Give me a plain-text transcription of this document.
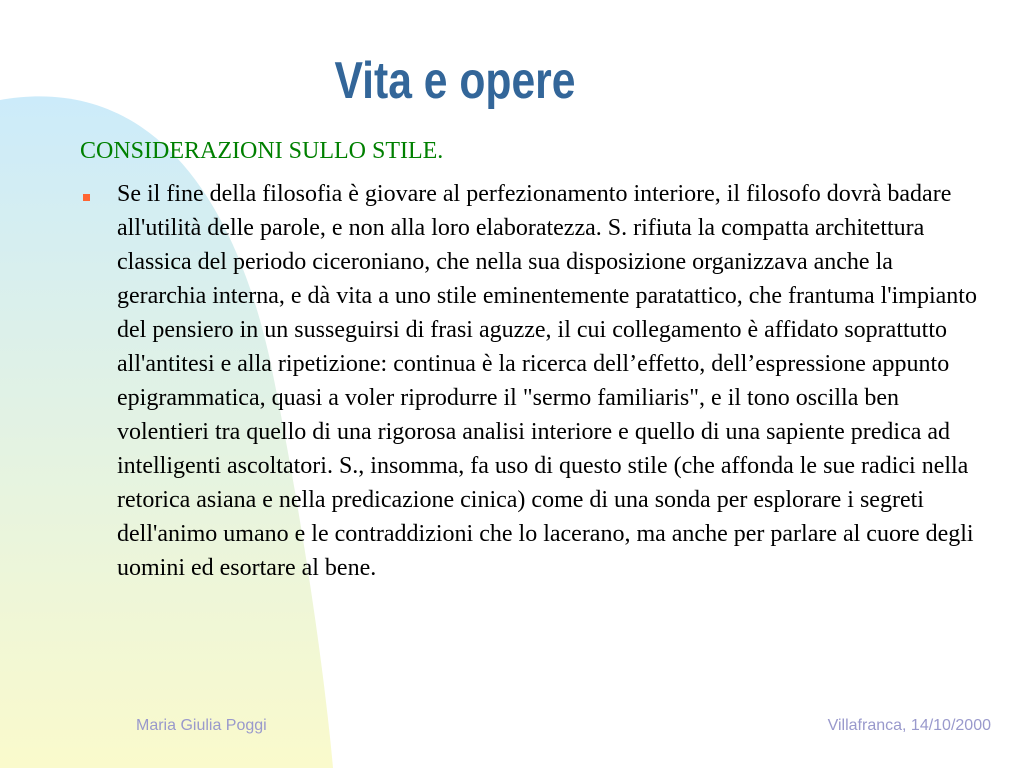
Vita e opere
CONSIDERAZIONI SULLO STILE.

Se il fine della filosofia è giovare al perfezionamento interiore, il filosofo dovrà badare all'utilità delle parole, e non alla loro elaboratezza. S. rifiuta la compatta architettura classica del periodo ciceroniano, che nella sua disposizione organizzava anche la gerarchia interna, e dà vita a uno stile eminentemente paratattico, che frantuma l'impianto del pensiero in un susseguirsi di frasi aguzze, il cui collegamento è affidato soprattutto all'antitesi e alla ripetizione: continua è la ricerca dell’effetto, dell’espressione appunto epigrammatica, quasi a voler riprodurre il "sermo familiaris", e il tono oscilla ben volentieri tra quello di una rigorosa analisi interiore e quello di una sapiente predica ad intelligenti ascoltatori. S., insomma, fa uso di questo stile (che affonda le sue radici nella retorica asiana e nella predicazione cinica) come di una sonda per esplorare i segreti dell'animo umano e le contraddizioni che lo lacerano, ma anche per parlare al cuore degli uomini ed esortare al bene.

Maria Giulia Poggi	Villafranca, 14/10/2000
